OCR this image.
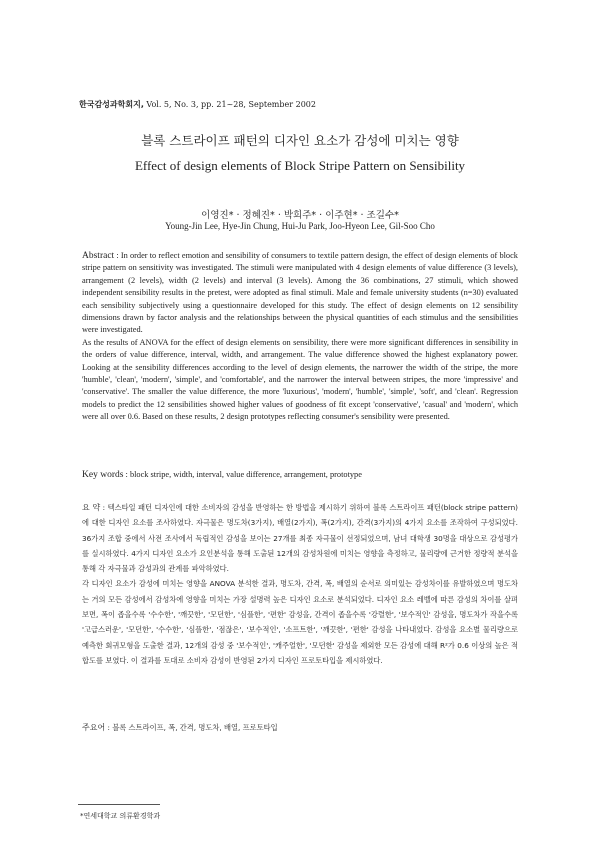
한국감성과학회지, Vol. 5, No. 3, pp. 21~28, September 2002
블록 스트라이프 패턴의 디자인 요소가 감성에 미치는 영향
Effect of design elements of Block Stripe Pattern on Sensibility
이영진* · 정혜진* · 박희주* · 이주현* · 조길수*
Young-Jin Lee, Hye-Jin Chung, Hui-Ju Park, Joo-Hyeon Lee, Gil-Soo Cho

Abstract : In order to reflect emotion and sensibility of consumers to textile pattern design, the effect of design elements of block stripe pattern on sensitivity was investigated. The stimuli were manipulated with 4 design elements of value difference (3 levels), arrangement (2 levels), width (2 levels) and interval (3 levels). Among the 36 combinations, 27 stimuli, which showed independent sensibility results in the pretest, were adopted as final stimuli. Male and female university students (n=30) evaluated each sensibility subjectively using a questionnaire developed for this study. The effect of design elements on 12 sensibility dimensions drawn by factor analysis and the relationships between the physical quantities of each stimulus and the sensibilities were investigated.

As the results of ANOVA for the effect of design elements on sensibility, there were more significant differences in sensibility in the orders of value difference, interval, width, and arrangement. The value difference showed the highest explanatory power. Looking at the sensibility differences according to the level of design elements, the narrower the width of the stripe, the more 'humble', 'clean', 'modern', 'simple', and 'comfortable', and the narrower the interval between stripes, the more 'impressive' and 'conservative'. The smaller the value difference, the more 'luxurious', 'modern', 'humble', 'simple', 'soft', and 'clean'. Regression models to predict the 12 sensibilities showed higher values of goodness of fit except 'conservative', 'casual' and 'modern', which were all over 0.6. Based on these results, 2 design prototypes reflecting consumer's sensibility were presented.

Key words : block stripe, width, interval, value difference, arrangement, prototype

요 약 : 텍스타일 패턴 디자인에 대한 소비자의 감성을 반영하는 한 방법을 제시하기 위하여 블록 스트라이프 패턴(block stripe pattern)에 대한 디자인 요소를 조사하였다. 자극물은 명도차(3가지), 배열(2가지), 폭(2가지), 간격(3가지)의 4가지 요소를 조작하여 구성되었다. 36가지 조합 중에서 사전 조사에서 독립적인 감성을 보이는 27개를 최종 자극물이 선정되었으며, 남녀 대학생 30명을 대상으로 감성평가를 실시하였다. 4가지 디자인 요소가 요인분석을 통해 도출된 12개의 감성차원에 미치는 영향을 측정하고, 물리량에 근거한 정량적 분석을 통해 각 자극물과 감성과의 관계를 파악하였다.

각 디자인 요소가 감성에 미치는 영향을 ANOVA 분석한 결과, 명도차, 간격, 폭, 배열의 순서로 의미있는 감성차이를 유발하였으며 명도차는 거의 모든 감성에서 감성차에 영향을 미치는 가장 설명력 높은 디자인 요소로 분석되었다. 디자인 요소 레벨에 따른 감성의 차이를 살펴보면, 폭이 좁을수록 '수수한', '깨끗한', '모던한', '심플한', '편한' 감성을, 간격이 좁을수록 '강렬한', '보수적인' 감성을, 명도차가 작을수록 '고급스러운', '모던한', '수수한', '심플한', '점잖은', '보수적인', '소프트한', '깨끗한', '편한' 감성을 나타내었다. 감성을 요소별 물리량으로 예측한 회귀모형을 도출한 결과, 12개의 감성 중 '보수적인', '캐주얼한', '모던한' 감성을 제외한 모든 감성에 대해 R²가 0.6 이상의 높은 적합도를 보였다. 이 결과를 토대로 소비자 감성이 반영된 2가지 디자인 프로토타입을 제시하였다.

주요어 : 블록 스트라이프, 폭, 간격, 명도차, 배열, 프로토타입
*연세대학교 의류환경학과
